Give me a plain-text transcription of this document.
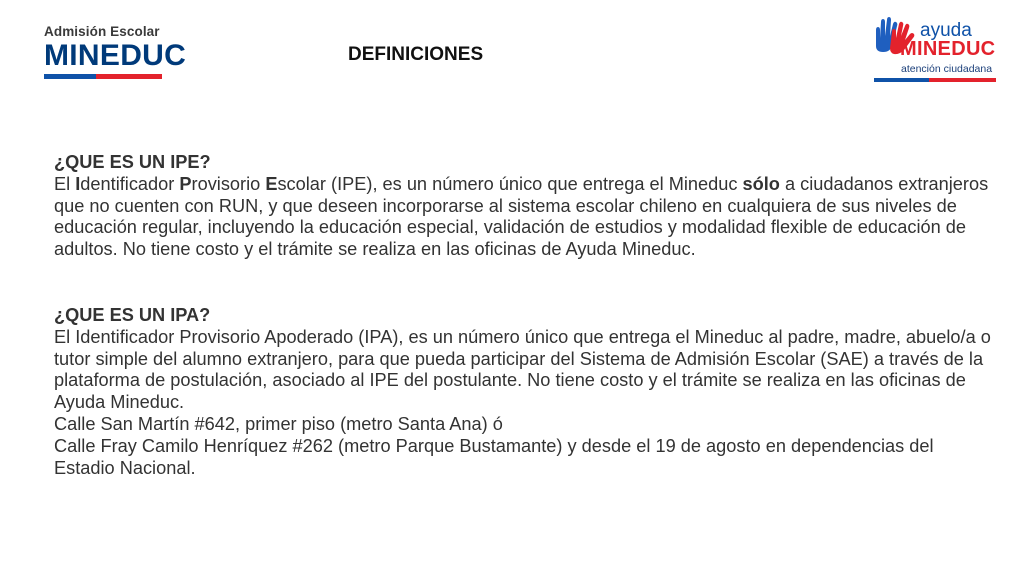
Admisión Escolar
MINEDUC	DEFINICIONES
ayuda
MINEDUC
atención ciudadana

¿QUE ES UN IPE?

El Identificador Provisorio Escolar (IPE), es un número único que entrega el Mineduc sólo a ciudadanos extranjeros que no cuenten con RUN, y que deseen incorporarse al sistema escolar chileno en cualquiera de sus niveles de educación regular, incluyendo la educación especial, validación de estudios y modalidad flexible de educación de adultos. No tiene costo y el trámite se realiza en las oficinas de Ayuda Mineduc.

¿QUE ES UN IPA?

El Identificador Provisorio Apoderado (IPA), es un número único que entrega el Mineduc al padre, madre, abuelo/a o tutor simple del alumno extranjero, para que pueda participar del Sistema de Admisión Escolar (SAE) a través de la plataforma de postulación, asociado al IPE del postulante. No tiene costo y el trámite se realiza en las oficinas de Ayuda Mineduc.

Calle San Martín #642, primer piso (metro Santa Ana) ó

Calle Fray Camilo Henríquez #262 (metro Parque Bustamante) y desde el 19 de agosto en dependencias del Estadio Nacional.
